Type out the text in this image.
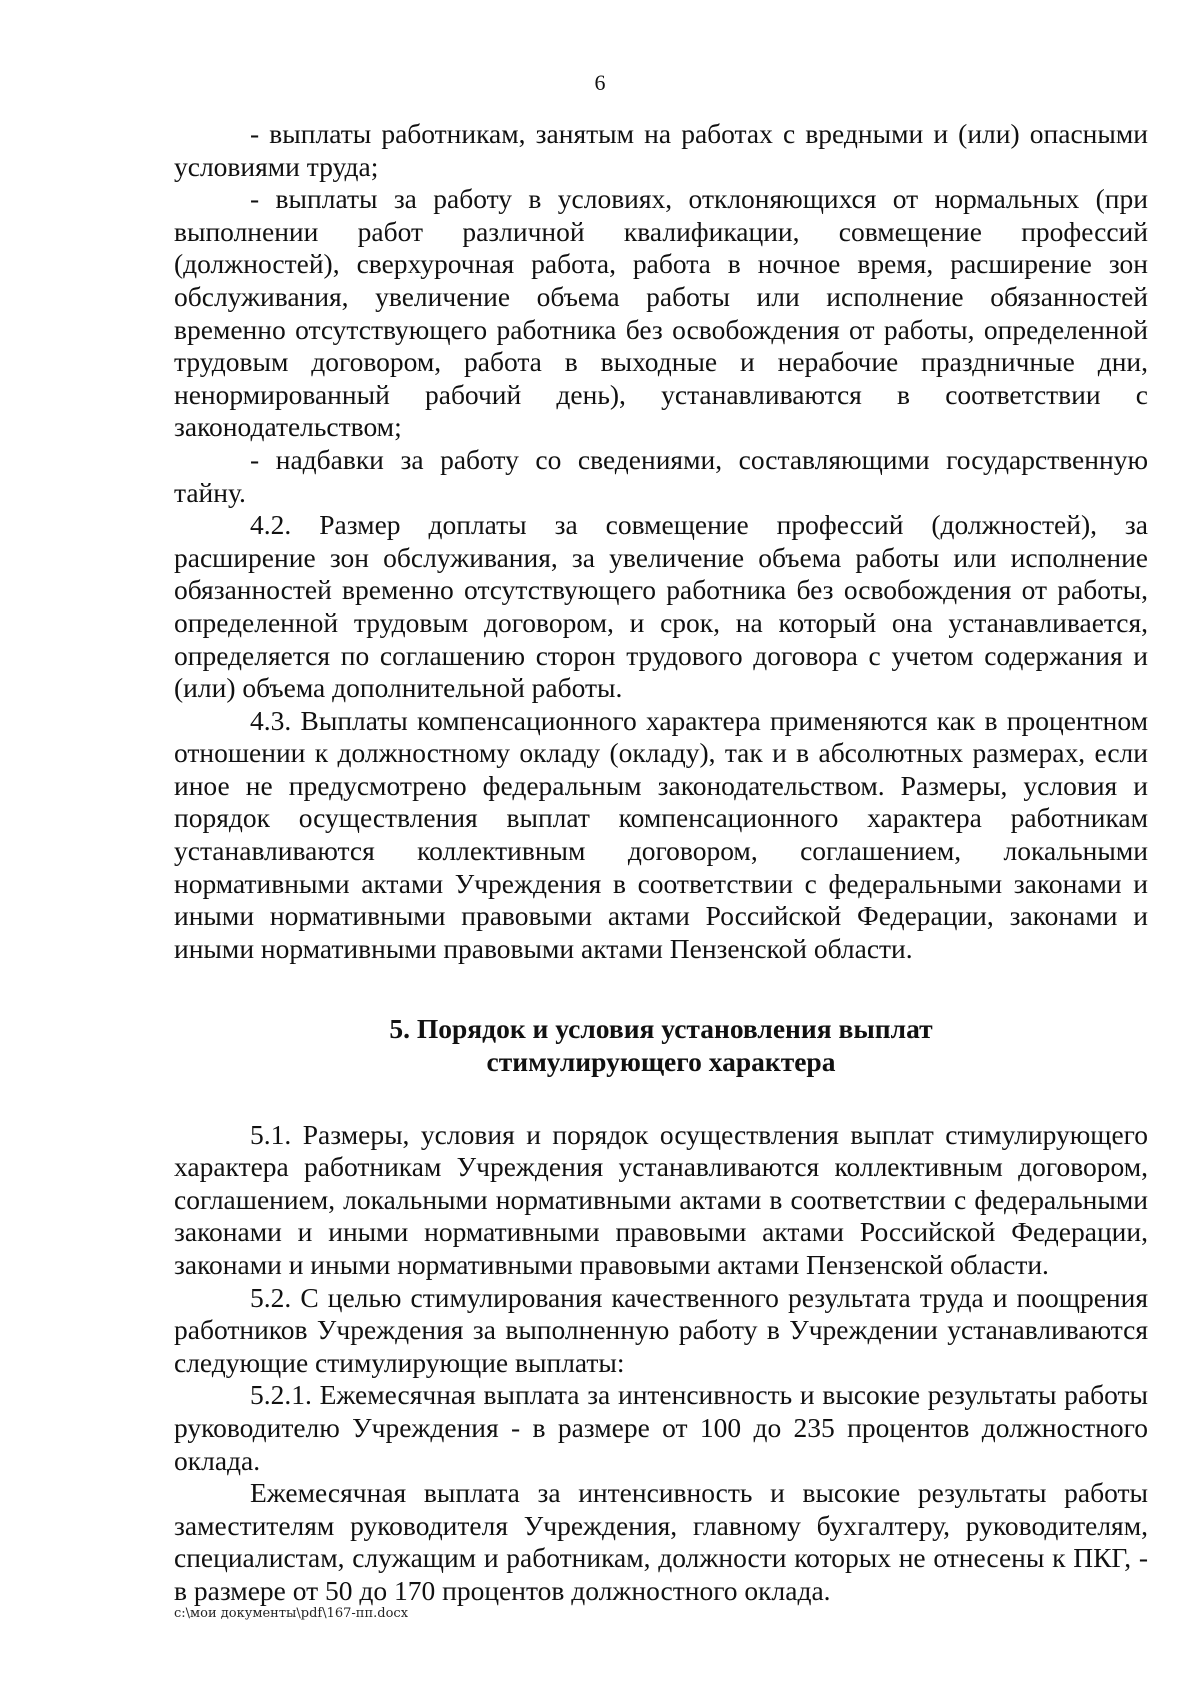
6

- выплаты работникам, занятым на работах с вредными и (или) опасными условиями труда;

- выплаты за работу в условиях, отклоняющихся от нормальных (при выполнении работ различной квалификации, совмещение профессий (должностей), сверхурочная работа, работа в ночное время, расширение зон обслуживания, увеличение объема работы или исполнение обязанностей временно отсутствующего работника без освобождения от работы, определенной трудовым договором, работа в выходные и нерабочие праздничные дни, ненормированный рабочий день), устанавливаются в соответствии с законодательством;

- надбавки за работу со сведениями, составляющими государственную тайну.

4.2. Размер доплаты за совмещение профессий (должностей), за расширение зон обслуживания, за увеличение объема работы или исполнение обязанностей временно отсутствующего работника без освобождения от работы, определенной трудовым договором, и срок, на который она устанавливается, определяется по соглашению сторон трудового договора с учетом содержания и (или) объема дополнительной работы.

4.3. Выплаты компенсационного характера применяются как в процентном отношении к должностному окладу (окладу), так и в абсолютных размерах, если иное не предусмотрено федеральным законодательством. Размеры, условия и порядок осуществления выплат компенсационного характера работникам устанавливаются коллективным договором, соглашением, локальными нормативными актами Учреждения в соответствии с федеральными законами и иными нормативными правовыми актами Российской Федерации, законами и иными нормативными правовыми актами Пензенской области.

5. Порядок и условия установления выплат
стимулирующего характера

5.1. Размеры, условия и порядок осуществления выплат стимулирующего характера работникам Учреждения устанавливаются коллективным договором, соглашением, локальными нормативными актами в соответствии с федеральными законами и иными нормативными правовыми актами Российской Федерации, законами и иными нормативными правовыми актами Пензенской области.

5.2. С целью стимулирования качественного результата труда и поощрения работников Учреждения за выполненную работу в Учреждении устанавливаются следующие стимулирующие выплаты:

5.2.1. Ежемесячная выплата за интенсивность и высокие результаты работы руководителю Учреждения - в размере от 100 до 235 процентов должностного оклада.

Ежемесячная выплата за интенсивность и высокие результаты работы заместителям руководителя Учреждения, главному бухгалтеру, руководителям, специалистам, служащим и работникам, должности которых не отнесены к ПКГ, - в размере от 50 до 170 процентов должностного оклада.

c:\мои документы\pdf\167-пп.docx
